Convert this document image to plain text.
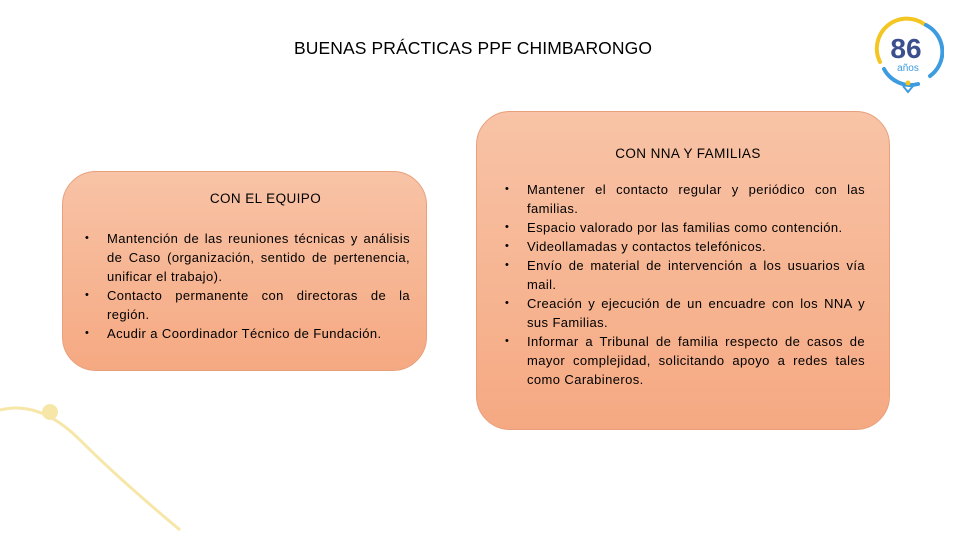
BUENAS PRÁCTICAS PPF CHIMBARONGO	86
años
CON EL EQUIPO
• Mantención de las reuniones técnicas y análisis de Caso (organización, sentido de pertenencia, unificar el trabajo).
• Contacto permanente con directoras de la región.
• Acudir a Coordinador Técnico de Fundación.
CON NNA Y FAMILIAS
• Mantener el contacto regular y periódico con las familias.
• Espacio valorado por las familias como contención.
• Videollamadas y contactos telefónicos.
• Envío de material de intervención a los usuarios vía mail.
• Creación y ejecución de un encuadre con los NNA y sus Familias.
• Informar a Tribunal de familia respecto de casos de mayor complejidad, solicitando apoyo a redes tales como Carabineros.
